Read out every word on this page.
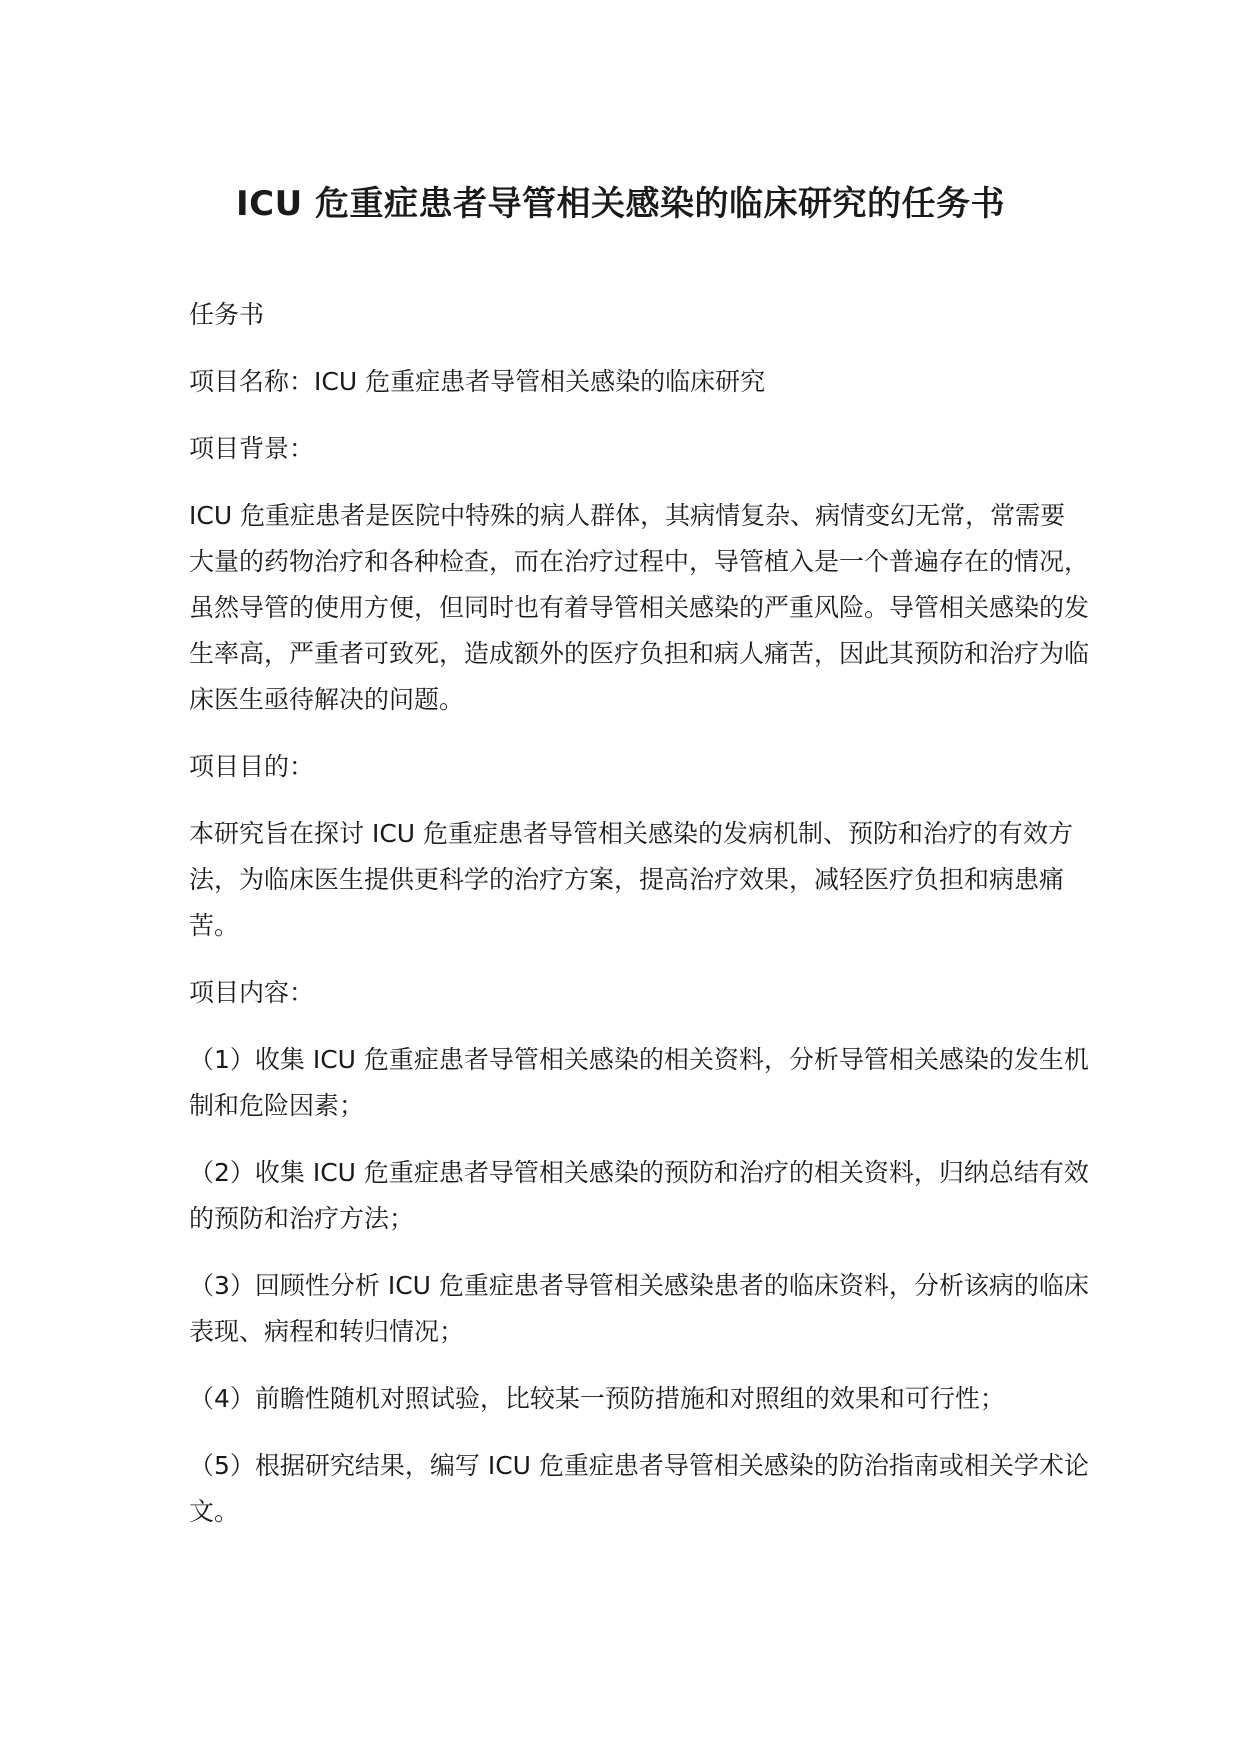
ICU 危重症患者导管相关感染的临床研究的任务书

任务书

项目名称：ICU 危重症患者导管相关感染的临床研究

项目背景：

ICU 危重症患者是医院中特殊的病人群体，其病情复杂、病情变幻无常，常需要大量的药物治疗和各种检查，而在治疗过程中，导管植入是一个普遍存在的情况，虽然导管的使用方便，但同时也有着导管相关感染的严重风险。导管相关感染的发生率高，严重者可致死，造成额外的医疗负担和病人痛苦，因此其预防和治疗为临床医生亟待解决的问题。

项目目的：

本研究旨在探讨 ICU 危重症患者导管相关感染的发病机制、预防和治疗的有效方法，为临床医生提供更科学的治疗方案，提高治疗效果，减轻医疗负担和病患痛苦。

项目内容：

（1）收集 ICU 危重症患者导管相关感染的相关资料，分析导管相关感染的发生机制和危险因素；

（2）收集 ICU 危重症患者导管相关感染的预防和治疗的相关资料，归纳总结有效的预防和治疗方法；

（3）回顾性分析 ICU 危重症患者导管相关感染患者的临床资料，分析该病的临床表现、病程和转归情况；

（4）前瞻性随机对照试验，比较某一预防措施和对照组的效果和可行性；

（5）根据研究结果，编写 ICU 危重症患者导管相关感染的防治指南或相关学术论文。
